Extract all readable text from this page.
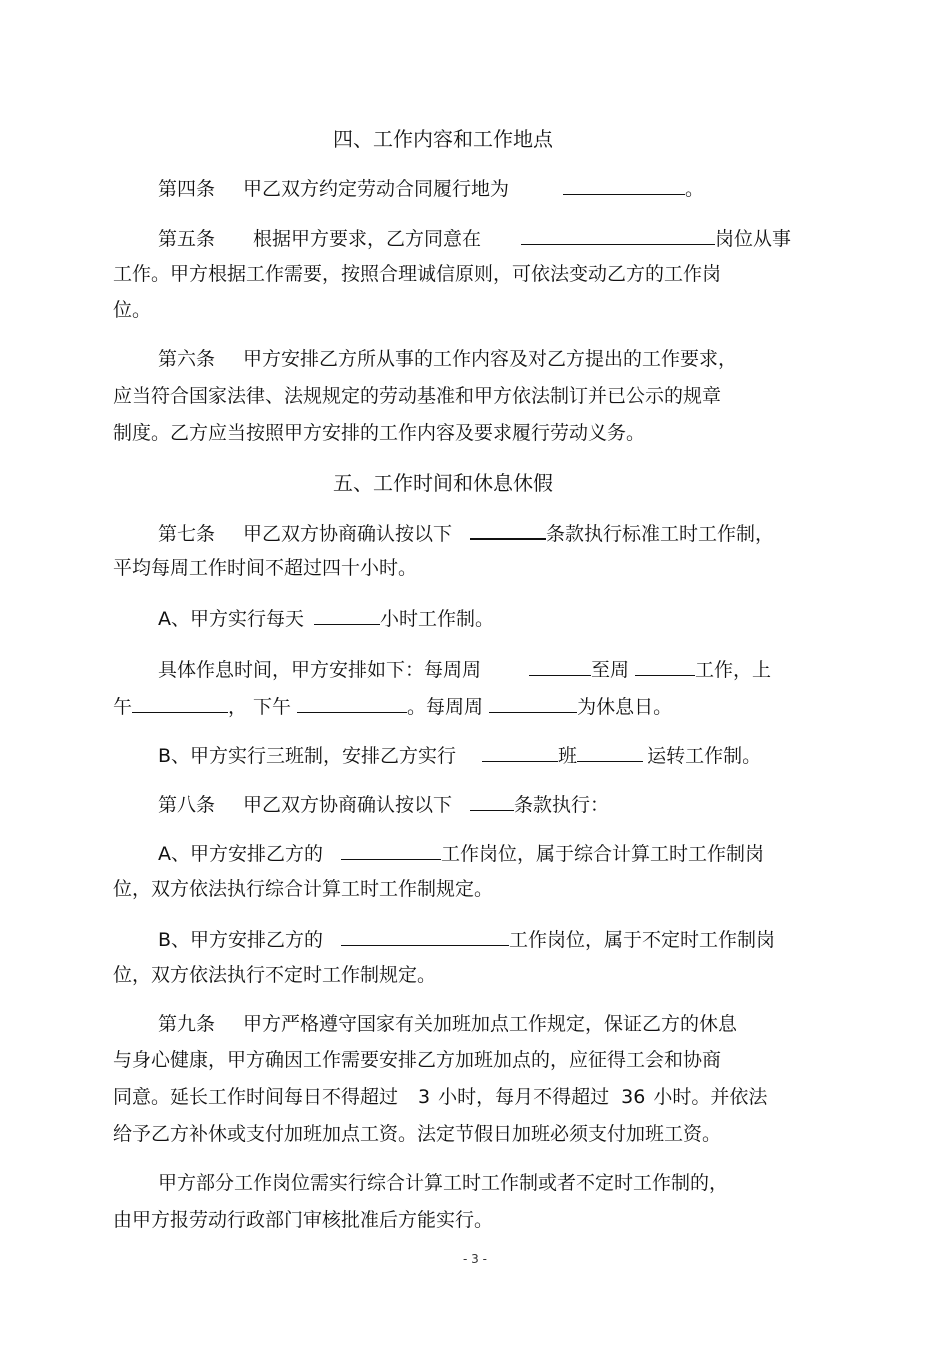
四、工作内容和工作地点
第四条 甲乙双方约定劳动合同履行地为	。
第五条 根据甲方要求，乙方同意在	岗位从事
工作。甲方根据工作需要，按照合理诚信原则，可依法变动乙方的工作岗
位。
第六条 甲方安排乙方所从事的工作内容及对乙方提出的工作要求，
应当符合国家法律、法规规定的劳动基准和甲方依法制订并已公示的规章
制度。乙方应当按照甲方安排的工作内容及要求履行劳动义务。
五、工作时间和休息休假
第七条 甲乙双方协商确认按以下	条款执行标准工时工作制，
平均每周工作时间不超过四十小时。
A、甲方实行每天	小时工作制。
具体作息时间，甲方安排如下：每周周	至周	工作，上
午	， 下午	。每周周	为休息日。
B、甲方实行三班制，安排乙方实行	班	运转工作制。
第八条 甲乙双方协商确认按以下	条款执行：
A、甲方安排乙方的	工作岗位，属于综合计算工时工作制岗
位，双方依法执行综合计算工时工作制规定。
B、甲方安排乙方的	工作岗位，属于不定时工作制岗
位，双方依法执行不定时工作制规定。
第九条 甲方严格遵守国家有关加班加点工作规定，保证乙方的休息
与身心健康，甲方确因工作需要安排乙方加班加点的，应征得工会和协商
同意。延长工作时间每日不得超过 3 小时，每月不得超过 36 小时。并依法
给予乙方补休或支付加班加点工资。法定节假日加班必须支付加班工资。
甲方部分工作岗位需实行综合计算工时工作制或者不定时工作制的，
由甲方报劳动行政部门审核批准后方能实行。
- 3 -
